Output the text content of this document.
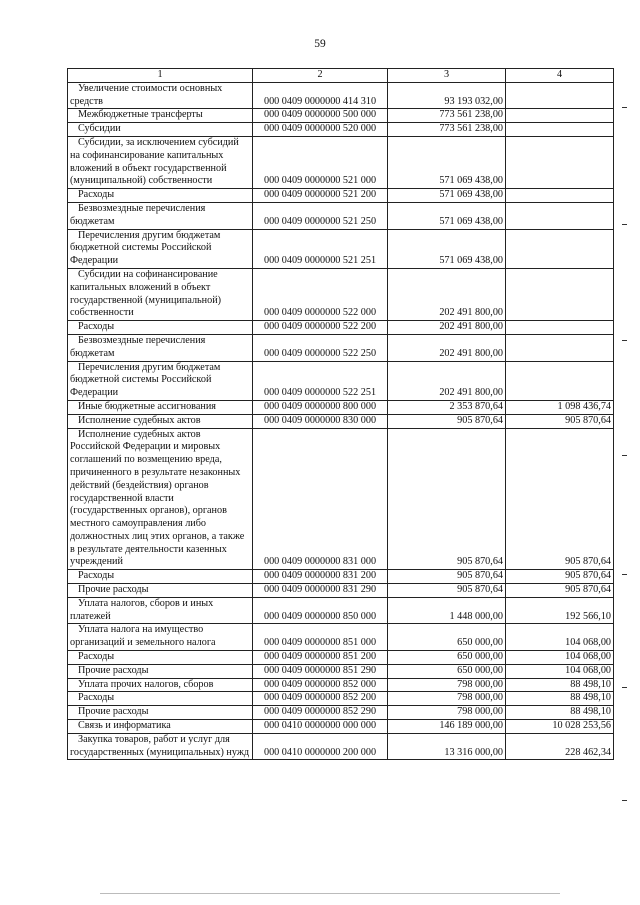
59
1	2	3	4
Увеличение стоимости основных средств	000 0409 0000000 414 310	93 193 032,00	
Межбюджетные трансферты	000 0409 0000000 500 000	773 561 238,00	
Субсидии	000 0409 0000000 520 000	773 561 238,00	
Субсидии, за исключением субсидий на софинансирование капитальных вложений в объект государственной (муниципальной) собственности	000 0409 0000000 521 000	571 069 438,00	
Расходы	000 0409 0000000 521 200	571 069 438,00	
Безвозмездные перечисления бюджетам	000 0409 0000000 521 250	571 069 438,00	
Перечисления другим бюджетам бюджетной системы Российской Федерации	000 0409 0000000 521 251	571 069 438,00	
Субсидии на софинансирование капитальных вложений в объект государственной (муниципальной) собственности	000 0409 0000000 522 000	202 491 800,00	
Расходы	000 0409 0000000 522 200	202 491 800,00	
Безвозмездные перечисления бюджетам	000 0409 0000000 522 250	202 491 800,00	
Перечисления другим бюджетам бюджетной системы Российской Федерации	000 0409 0000000 522 251	202 491 800,00	
Иные бюджетные ассигнования	000 0409 0000000 800 000	2 353 870,64	1 098 436,74
Исполнение судебных актов	000 0409 0000000 830 000	905 870,64	905 870,64
Исполнение судебных актов Российской Федерации и мировых соглашений по возмещению вреда, причиненного в результате незаконных действий (бездействия) органов государственной власти (государственных органов), органов местного самоуправления либо должностных лиц этих органов, а также в результате деятельности казенных учреждений	000 0409 0000000 831 000	905 870,64	905 870,64
Расходы	000 0409 0000000 831 200	905 870,64	905 870,64
Прочие расходы	000 0409 0000000 831 290	905 870,64	905 870,64
Уплата налогов, сборов и иных платежей	000 0409 0000000 850 000	1 448 000,00	192 566,10
Уплата налога на имущество организаций и земельного налога	000 0409 0000000 851 000	650 000,00	104 068,00
Расходы	000 0409 0000000 851 200	650 000,00	104 068,00
Прочие расходы	000 0409 0000000 851 290	650 000,00	104 068,00
Уплата прочих налогов, сборов	000 0409 0000000 852 000	798 000,00	88 498,10
Расходы	000 0409 0000000 852 200	798 000,00	88 498,10
Прочие расходы	000 0409 0000000 852 290	798 000,00	88 498,10
Связь и информатика	000 0410 0000000 000 000	146 189 000,00	10 028 253,56
Закупка товаров, работ и услуг для государственных (муниципальных) нужд	000 0410 0000000 200 000	13 316 000,00	228 462,34
